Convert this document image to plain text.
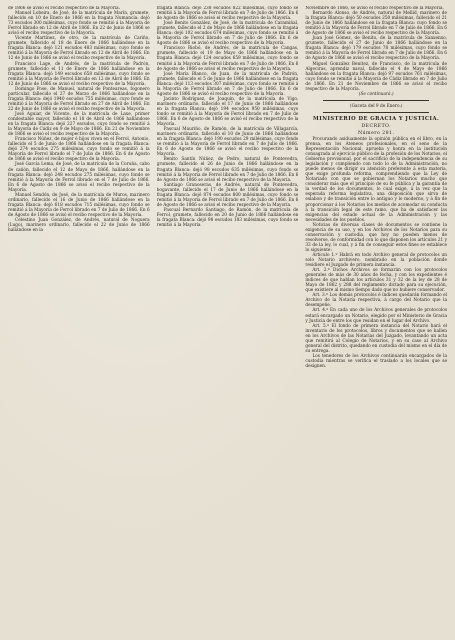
de 1866 se avisó el recibo respectivo de la Mayoría.

Manuel Lobeira, de José, de la matrícula de Marín, grumete, fallecido en 10 de Enero de 1866 en la fragata Numancia: dejó 73 escudos 300 milésimas, cuyo fondo se remitió á la Mayoría de Ferrol librado en 12 de Abril de 1866. En 22 de Junio de 1866 se avisó el recibo respectivo de la Mayoría.

Vicente Martínez, de otro, de la matrícula de Cariño, grumete, fallecido el 18 de Enero de 1866 hallándose en la fragata Blanca: dejó 121 escudos 483 milésimas, cuyo fondo se remitió á la Mayoría de Ferrol librado en 12 de Abril de 1866. En 12 de Junio de 1866 se avisó el recibo respectivo de la Mayoría.

Francisco Lage, de Andrés, de la matrícula de Padrón, grumete, fallecido el 11 de Enero de 1866 hallándose en la fragata Blanca: dejó 149 escudos 658 milésimas, cuyo fondo se remitió á la Mayoría de Ferrol librado en 12 de Abril de 1866. En 12 de Junio de 1866 se avisó el recibo respectivo de la Mayoría.

Domingo Pose, de Manuel, natural de Ponteareas, fogonero particular, fallecido el 27 de Marzo de 1866 hallándose en la fragata Blanca: dejó 1940 escudos 755 milésimas, cuyo fondo se remitió á la Mayoría de Ferrol librado en 27 de Abril de 1866. En 22 de Junio de 1866 se avisó el recibo respectivo de la Mayoría.

José Aguiar, de Vicente, de la matrícula de Laxe, primer condestable mayor, fallecido el 18 de Abril de 1866 hallándose en la fragata Blanca: dejó 227 escudos, cuyo fondo se remitió á la Mayoría de Cádiz en 9 de Mayo de 1866. En 21 de Noviembre de 1866 se avisó el recibo respectivo de la Mayoría.

Francisco Núñez, de mujer é hijos viven en el Ferrol, Antonio, fallecido el 5 de Junio de 1866 hallándose en la fragata Blanca: dejó 274 escudos 275 milésimas, cuyo fondo se remitió á la Mayoría de Ferrol librado el 7 de Julio de 1866. En 6 de Agosto de 1866 se avisó el recibo respectivo de la Mayoría.

José García Lema, de José, de la matrícula de la Coruña, cabo de cañón, fallecido el 12 de Mayo de 1866, hallándose en la fragata Blanca: dejó 248 escudos 275 milésimas, cuyo fondo se remitió á la Mayoría de Ferrol librado en el 7 de Julio de 1866. En 6 de Agosto de 1866 se avisó el recibo respectivo de la Mayoría.

Manuel Sendón, de José, de la matrícula de Muros, marinero ordinario, fallecido el 16 de Junio de 1866 hallándose en la fragata Blanca: dejó 618 escudos 715 milésimas, cuyo fondo se remitió á la Mayoría de Ferrol librado en 7 de Julio de 1866. En 6 de Agosto de 1866 se avisó el recibo respectivo de la Mayoría.

Celestino Juan González, de Andrés, natural de Noguera (Lugo), marinero ordinario, fallecido el 22 de Junio de 1866 hallándose en la

fragata Blanca: dejó 238 escudos 822 milésimas, cuyo fondo se remitió á la Mayoría de Ferrol librado en 7 de Julio de 1866. En 6 de Agosto de 1866 se avisó el recibo respectivo de la Mayoría.

José Benito González, de José, de la matrícula de Caramiñal, grumete, fallecido el 2 de Mayo de 1866 hallándose en la fragata Blanca: dejó 102 escudos 674 milésimas, cuyo fondo se remitió á la Mayoría de Ferrol librado en 7 de Julio de 1866. En 6 de Agosto de 1866 se avisó el recibo respectivo de la Mayoría.

Francisco Riobó, de Andrés, de la matrícula de Cangas, grumete, fallecido el 19 de Mayo de 1866 hallándose en la fragata Blanca: dejó 124 escudos 659 milésimas, cuyo fondo se remitió á la Mayoría de Ferrol librado en 7 de Julio de 1866. En 6 de Agosto de 1866 se avisó el recibo respectivo de la Mayoría.

José María Blanco, de Juan, de la matrícula de Padrón, grumete, fallecido el 5 de Junio de 1866 hallándose en la fragata Blanca: dejó 113 escudos 307 milésimas, cuyo fondo se remitió á la Mayoría de Ferrol librado en 7 de Julio de 1866. En 6 de Agosto de 1866 se avisó el recibo respectivo de la Mayoría.

Jacinto Rodríguez, de Joaquín, de la matrícula de Vigo, marinero ordinario, fallecido el 17 de Junio de 1866 hallándose en la fragata Blanca: dejó 194 escudos 950 milésimas, cuyo fondo se remitió á la Mayoría de Ferrol librado en 7 de Julio de 1866. En 6 de Agosto de 1866 se avisó el recibo respectivo de la Mayoría.

Pascual Mauriño, de Ramón, de la matrícula de Villagarcía, marinero ordinario, fallecido el 10 de Junio de 1866 hallándose en la fragata Blanca: dejó 190 escudos 29 milésimas, cuyo fondo se remitió á la Mayoría de Ferrol librado en 7 de Julio de 1866. En 6 de Agosto de 1866 se avisó el recibo respectivo de la Mayoría.

Benito Santín Núñez, de Pedro, natural de Pontevedra, grumete, fallecido el 26 de Junio de 1866 hallándose en la fragata Blanca: dejó 98 escudos 635 milésimas, cuyo fondo se remitió á la Mayoría de Ferrol librado en 7 de Julio de 1866. En 6 de Agosto de 1866 se avisó el recibo respectivo de la Mayoría.

Santiago Granoseras, de Andrés, natural de Pontevedra, bogavante, fallecido el 17 de Junio de 1866 hallándose en la fragata Blanca: dejó 874 escudos 800 milésimas, cuyo fondo se remitió á la Mayoría de Ferrol librado en 7 de Julio de 1866. En 6 de Agosto de 1866 se avisó el recibo respectivo de la Mayoría.

Pascual Bernardo Santiago, de Ramón, de la matrícula de Ferrol, grumete, fallecido en 20 de Junio de 1866 hallándose en la fragata Blanca: dejó 98 escudos 183 milésimas, cuyo fondo se remitió á la Mayoría

Noviembre de 1866, se avisó el recibo respectivo de la Mayoría.

Bernardo Alonso, de Andrés, natural de Mellid, marinero de la fragata Blanca: dejó 50 escudos 250 milésimas, fallecido el 21 de Junio de 1866 hallándose en la fragata Blanca: cuyo fondo se remitió á la Mayoría de Ferrol librado en 7 de Julio de 1866. En 6 de Agosto de 1866 se avisó el recibo respectivo de la Mayoría.

Juan José Gómez, de Benito, de la matrícula de Sanxenxo, grumete, fallecido el 27 de Junio de 1866 hallándose en la fragata Blanca: dejó 179 escudos 78 milésimas, cuyo fondo se remitió á la Mayoría de Ferrol librado en 7 de Julio de 1866. En 6 de Agosto de 1866 se avisó el recibo respectivo de la Mayoría.

Miguel González Benítez, de Francisco, de la matrícula de Algeciras, aprendiz naval, fallecido el 4 de Mayo de 1866 hallándose en la fragata Blanca: dejó 97 escudos 761 milésimas, cuyo fondo se remitió á la Mayoría de Cádiz librado en 7 de Julio de 1866. En 21 de Noviembre de 1866 se avisó el recibo respectivo de la Mayoría.

(Se continuará.)

(Gaceta del 9 de Enero.)

MINISTERIO DE GRACIA Y JUSTICIA.

DECRETO.

Número 281.

Procurando asiduamente la opinión pública en el libro, en la prensa, en los Ateneos profesionales, en el seno de la Representación Nacional, aprueba y honra en la institución consagrada al ejercicio público de la profesión de los Notarios, el Gobierno provisional, por el sacrificio de la independencia de su legislación y cumpliendo con todo lo de la Administración, no puede menos de dirigir su atención preferente á esta materia, que exige profunda reforma, comprendiendo que la Ley de Notariado con que se gobiernan los Notarios mucho que considerar más que el principio de su fe pública y la garantía de la verdad de los documentos, lo cual exige, á la vez que la esperada reforma legislativa, una disposición que sirva de eslabon y de transición entre lo antiguo y lo moderno, y á fin de proporcionar á los Notarios los medios de acomodar su conducta á la transición legal de este ramo, que ha de satisfacer las exigencias del estado actual de la Administración y las necesidades de los pueblos.

Noticias de diversas clases de documentos se contiene la exigencia de su uso, y en los Archivos de los Notarios para su conservación y custodia, que hoy no pueden menos de resolverse, de conformidad con lo que disponen los artículos 21 y 33 de la ley, lo cual, y á fin de conseguir estos fines se establece lo siguiente:

Artículo 1.º Habrá en todo Archivo general de protocolos un solo Notario archivero, nombrado en la población donde residiere el Juzgado de primera instancia.

Art. 2.º Dichos Archivos se formarán con los protocolos generales de más de 30 años de fecha, y con los expedientes é índices de que hablan los artículos 31 y 32 de la ley de 28 de Mayo de 1862 y 288 del reglamento dictado para su ejecución, que existiere al mismo tiempo dado que no hubiere conservador.

Art. 3.º Los demás protocolos é índices quedarán formando el Archivo de la Notaría respectiva, á cargo del Notario que la desempeñe.

Art. 4.º En cada uno de los Archivos generales de protocolos estará encargado un Notario, elegido por el Ministerio de Gracia y Justicia de entre los que residan en el lugar del Archivo.

Art. 5.º El fondo de primera instancia del Notario hará el inventario de los protocolos, libros y documentos que se hallen en los Archivos de las Notarías del Juzgado, levantando un acta que remitirá al Colegio de Notarios, y en su caso al Archivo general del distrito, quedando en custodia del mismo en el día de su entrega.

Los tenedores de los Archivos continuarán encargados de la custodia mientras se verifica el traslado a los locales que se designen.
